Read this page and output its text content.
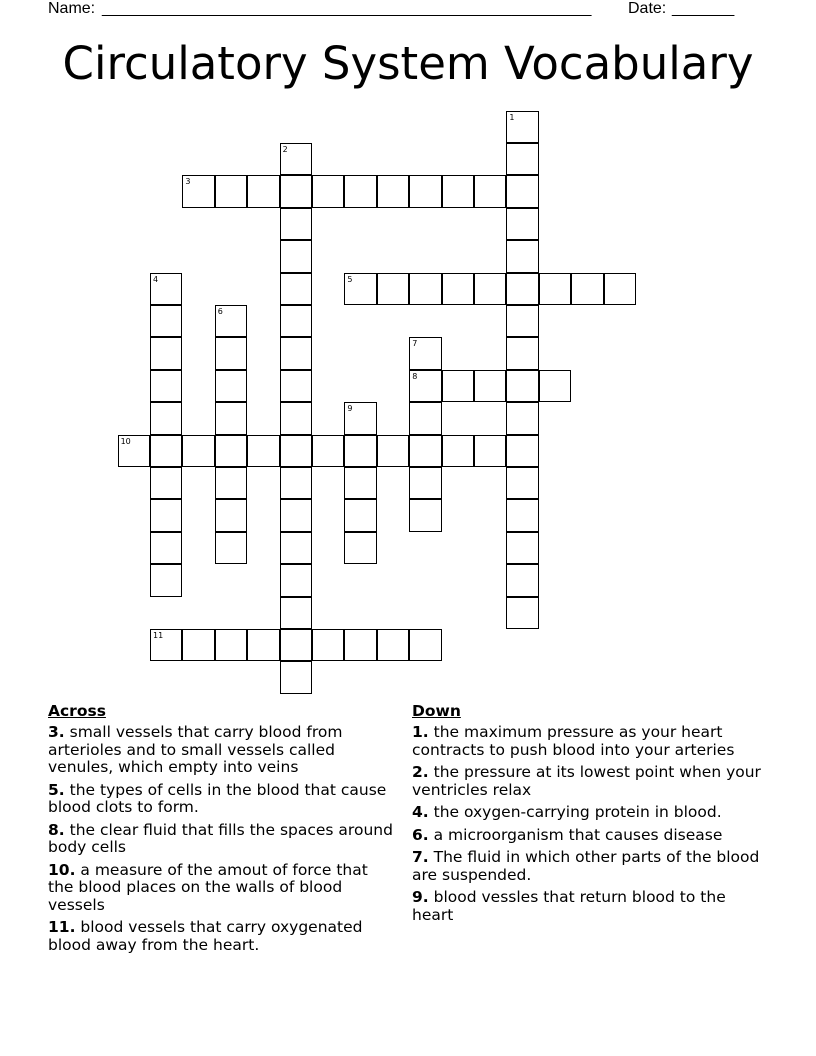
Name: _______________________________________________________ Date: _______
Circulatory System Vocabulary
1
2
3
4	5
6
7
8
9
10
11
Across
3. small vessels that carry blood from arterioles and to small vessels called venules, which empty into veins
5. the types of cells in the blood that cause blood clots to form.
8. the clear fluid that fills the spaces around body cells
10. a measure of the amout of force that the blood places on the walls of blood vessels
11. blood vessels that carry oxygenated blood away from the heart.
Down
1. the maximum pressure as your heart contracts to push blood into your arteries
2. the pressure at its lowest point when your ventricles relax
4. the oxygen-carrying protein in blood.
6. a microorganism that causes disease
7. The fluid in which other parts of the blood are suspended.
9. blood vessles that return blood to the heart
